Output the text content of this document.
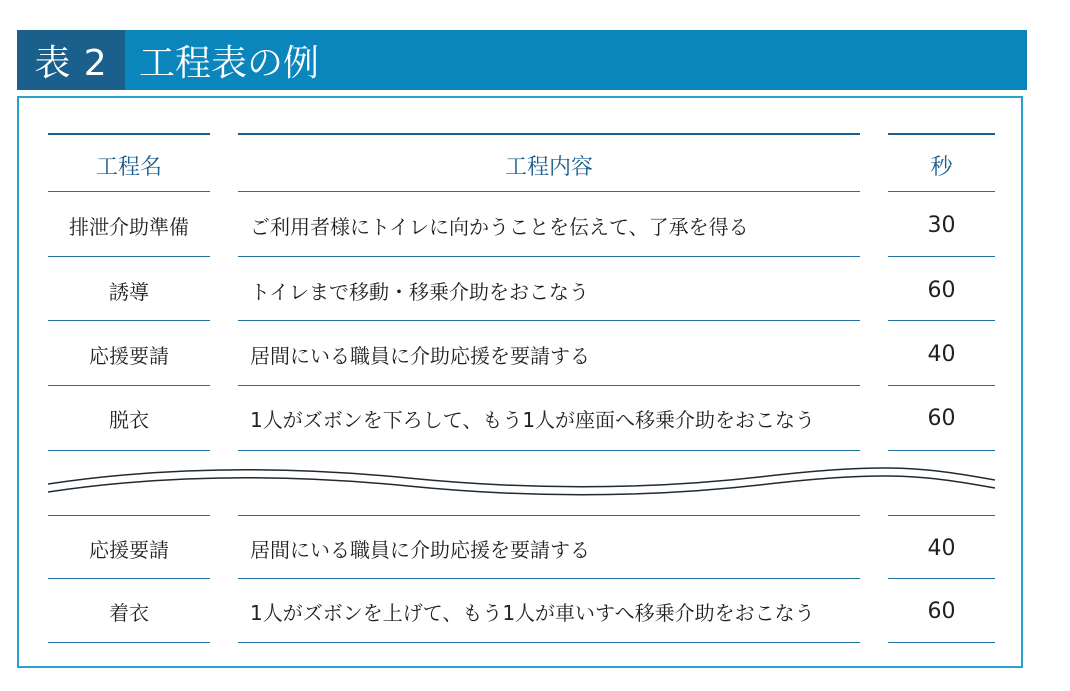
表 2 工程表の例
工程名	工程内容	秒
排泄介助準備	ご利用者様にトイレに向かうことを伝えて、了承を得る	30
誘導	トイレまで移動・移乗介助をおこなう	60
応援要請	居間にいる職員に介助応援を要請する	40
脱衣	1人がズボンを下ろして、もう1人が座面へ移乗介助をおこなう	60
応援要請	居間にいる職員に介助応援を要請する	40
着衣	1人がズボンを上げて、もう1人が車いすへ移乗介助をおこなう	60
